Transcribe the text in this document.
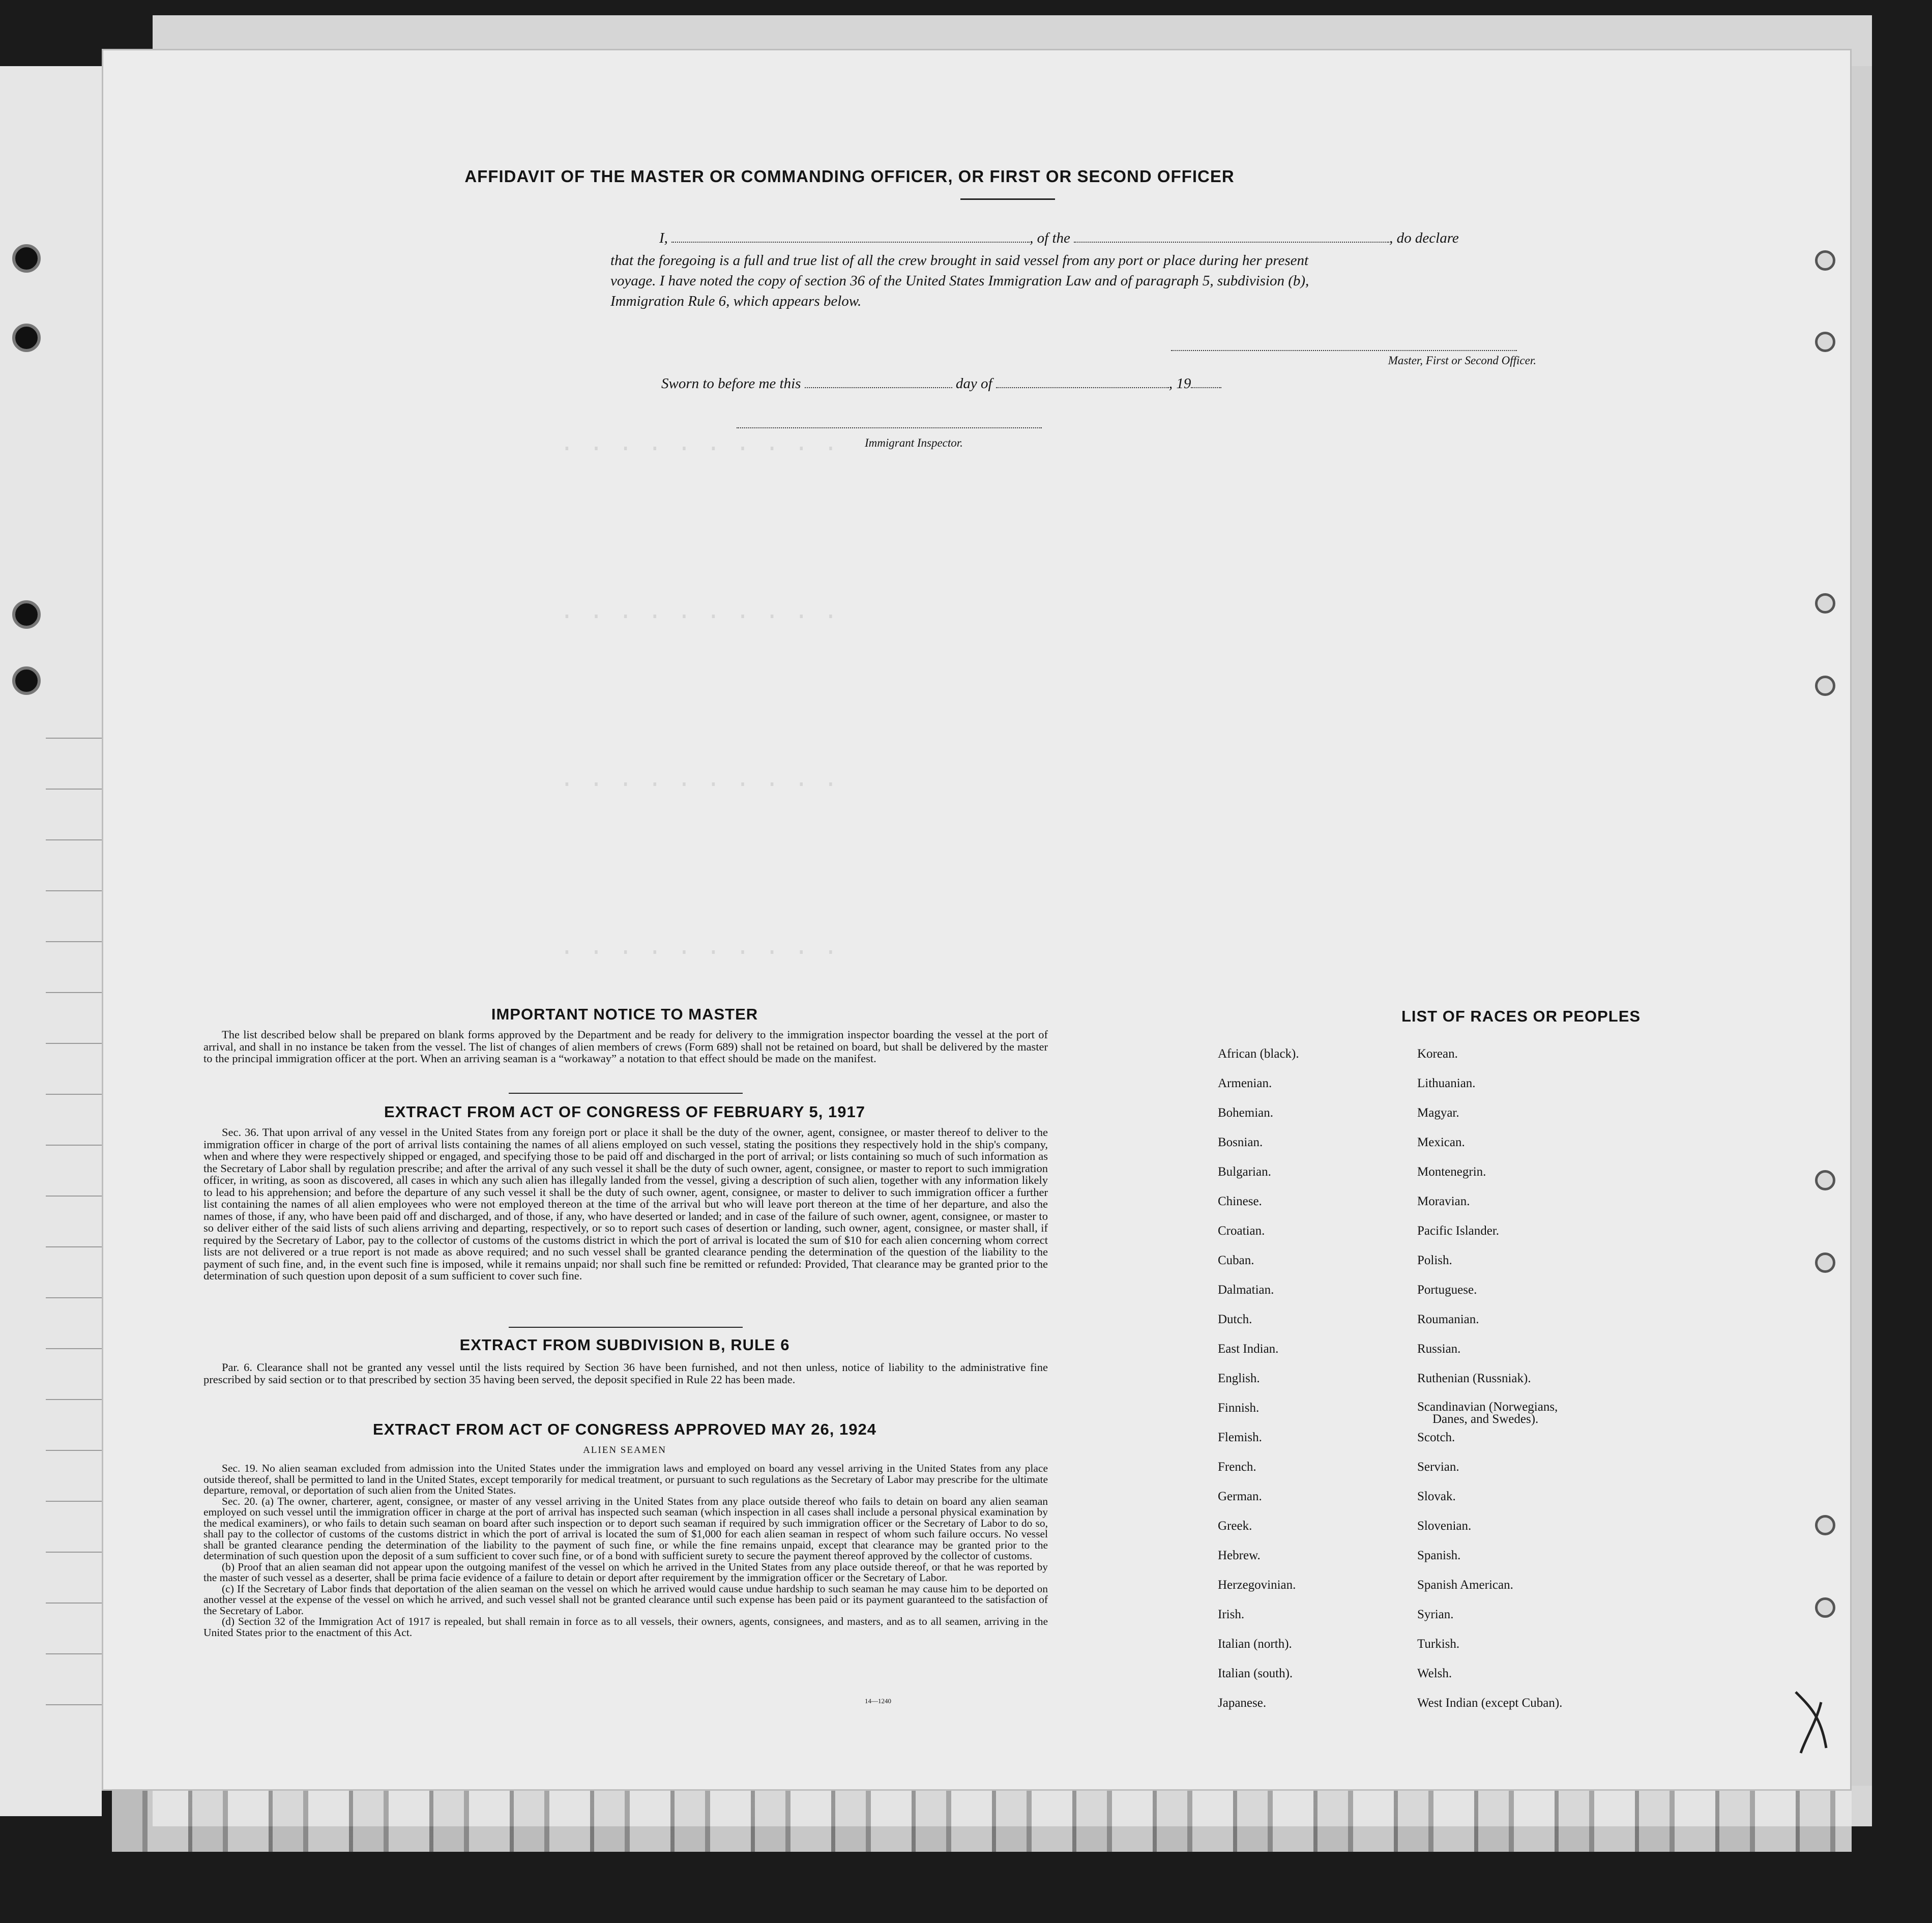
· · · · · · · · · ·
· · · · · · · · · ·
· · · · · · · · · ·
· · · · · · · · · ·
AFFIDAVIT OF THE MASTER OR COMMANDING OFFICER, OR FIRST OR SECOND OFFICER
I,	, of the	, do declare
that the foregoing is a full and true list of all the crew brought in said vessel from any port or place during her present
voyage. I have noted the copy of section 36 of the United States Immigration Law and of paragraph 5, subdivision (b),
Immigration Rule 6, which appears below.
Master, First or Second Officer.
Sworn to before me this	day of	, 19
Immigrant Inspector.
IMPORTANT NOTICE TO MASTER

The list described below shall be prepared on blank forms approved by the Department and be ready for delivery to the immigration inspector boarding the vessel at the port of arrival, and shall in no instance be taken from the vessel. The list of changes of alien members of crews (Form 689) shall not be retained on board, but shall be delivered by the master to the principal immigration officer at the port. When an arriving seaman is a “workaway” a notation to that effect should be made on the manifest.

EXTRACT FROM ACT OF CONGRESS OF FEBRUARY 5, 1917

Sec. 36. That upon arrival of any vessel in the United States from any foreign port or place it shall be the duty of the owner, agent, consignee, or master thereof to deliver to the immigration officer in charge of the port of arrival lists containing the names of all aliens employed on such vessel, stating the positions they respectively hold in the ship's company, when and where they were respectively shipped or engaged, and specifying those to be paid off and discharged in the port of arrival; or lists containing so much of such information as the Secretary of Labor shall by regulation prescribe; and after the arrival of any such vessel it shall be the duty of such owner, agent, consignee, or master to report to such immigration officer, in writing, as soon as discovered, all cases in which any such alien has illegally landed from the vessel, giving a description of such alien, together with any information likely to lead to his apprehension; and before the departure of any such vessel it shall be the duty of such owner, agent, consignee, or master to deliver to such immigration officer a further list containing the names of all alien employees who were not employed thereon at the time of the arrival but who will leave port thereon at the time of her departure, and also the names of those, if any, who have been paid off and discharged, and of those, if any, who have deserted or landed; and in case of the failure of such owner, agent, consignee, or master to so deliver either of the said lists of such aliens arriving and departing, respectively, or so to report such cases of desertion or landing, such owner, agent, consignee, or master shall, if required by the Secretary of Labor, pay to the collector of customs of the customs district in which the port of arrival is located the sum of $10 for each alien concerning whom correct lists are not delivered or a true report is not made as above required; and no such vessel shall be granted clearance pending the determination of the question of the liability to the payment of such fine, and, in the event such fine is imposed, while it remains unpaid; nor shall such fine be remitted or refunded: Provided, That clearance may be granted prior to the determination of such question upon deposit of a sum sufficient to cover such fine.

EXTRACT FROM SUBDIVISION B, RULE 6

Par. 6. Clearance shall not be granted any vessel until the lists required by Section 36 have been furnished, and not then unless, notice of liability to the administrative fine prescribed by said section or to that prescribed by section 35 having been served, the deposit specified in Rule 22 has been made.

EXTRACT FROM ACT OF CONGRESS APPROVED MAY 26, 1924
ALIEN SEAMEN

Sec. 19. No alien seaman excluded from admission into the United States under the immigration laws and employed on board any vessel arriving in the United States from any place outside thereof, shall be permitted to land in the United States, except temporarily for medical treatment, or pursuant to such regulations as the Secretary of Labor may prescribe for the ultimate departure, removal, or deportation of such alien from the United States.

Sec. 20. (a) The owner, charterer, agent, consignee, or master of any vessel arriving in the United States from any place outside thereof who fails to detain on board any alien seaman employed on such vessel until the immigration officer in charge at the port of arrival has inspected such seaman (which inspection in all cases shall include a personal physical examination by the medical examiners), or who fails to detain such seaman on board after such inspection or to deport such seaman if required by such immigration officer or the Secretary of Labor to do so, shall pay to the collector of customs of the customs district in which the port of arrival is located the sum of $1,000 for each alien seaman in respect of whom such failure occurs. No vessel shall be granted clearance pending the determination of the liability to the payment of such fine, or while the fine remains unpaid, except that clearance may be granted prior to the determination of such question upon the deposit of a sum sufficient to cover such fine, or of a bond with sufficient surety to secure the payment thereof approved by the collector of customs.

(b) Proof that an alien seaman did not appear upon the outgoing manifest of the vessel on which he arrived in the United States from any place outside thereof, or that he was reported by the master of such vessel as a deserter, shall be prima facie evidence of a failure to detain or deport after requirement by the immigration officer or the Secretary of Labor.

(c) If the Secretary of Labor finds that deportation of the alien seaman on the vessel on which he arrived would cause undue hardship to such seaman he may cause him to be deported on another vessel at the expense of the vessel on which he arrived, and such vessel shall not be granted clearance until such expense has been paid or its payment guaranteed to the satisfaction of the Secretary of Labor.

(d) Section 32 of the Immigration Act of 1917 is repealed, but shall remain in force as to all vessels, their owners, agents, consignees, and masters, and as to all seamen, arriving in the United States prior to the enactment of this Act.

14—1240
LIST OF RACES OR PEOPLES
African (black).	Korean.
Armenian.	Lithuanian.
Bohemian.	Magyar.
Bosnian.	Mexican.
Bulgarian.	Montenegrin.
Chinese.	Moravian.
Croatian.	Pacific Islander.
Cuban.	Polish.
Dalmatian.	Portuguese.
Dutch.	Roumanian.
East Indian.	Russian.
English.	Ruthenian (Russniak).
Finnish.	Scandinavian (Norwegians,
Danes, and Swedes).

Flemish.	Scotch.
French.	Servian.
German.	Slovak.
Greek.	Slovenian.
Hebrew.	Spanish.
Herzegovinian.	Spanish American.
Irish.	Syrian.
Italian (north).	Turkish.
Italian (south).	Welsh.
Japanese.	West Indian (except Cuban).
